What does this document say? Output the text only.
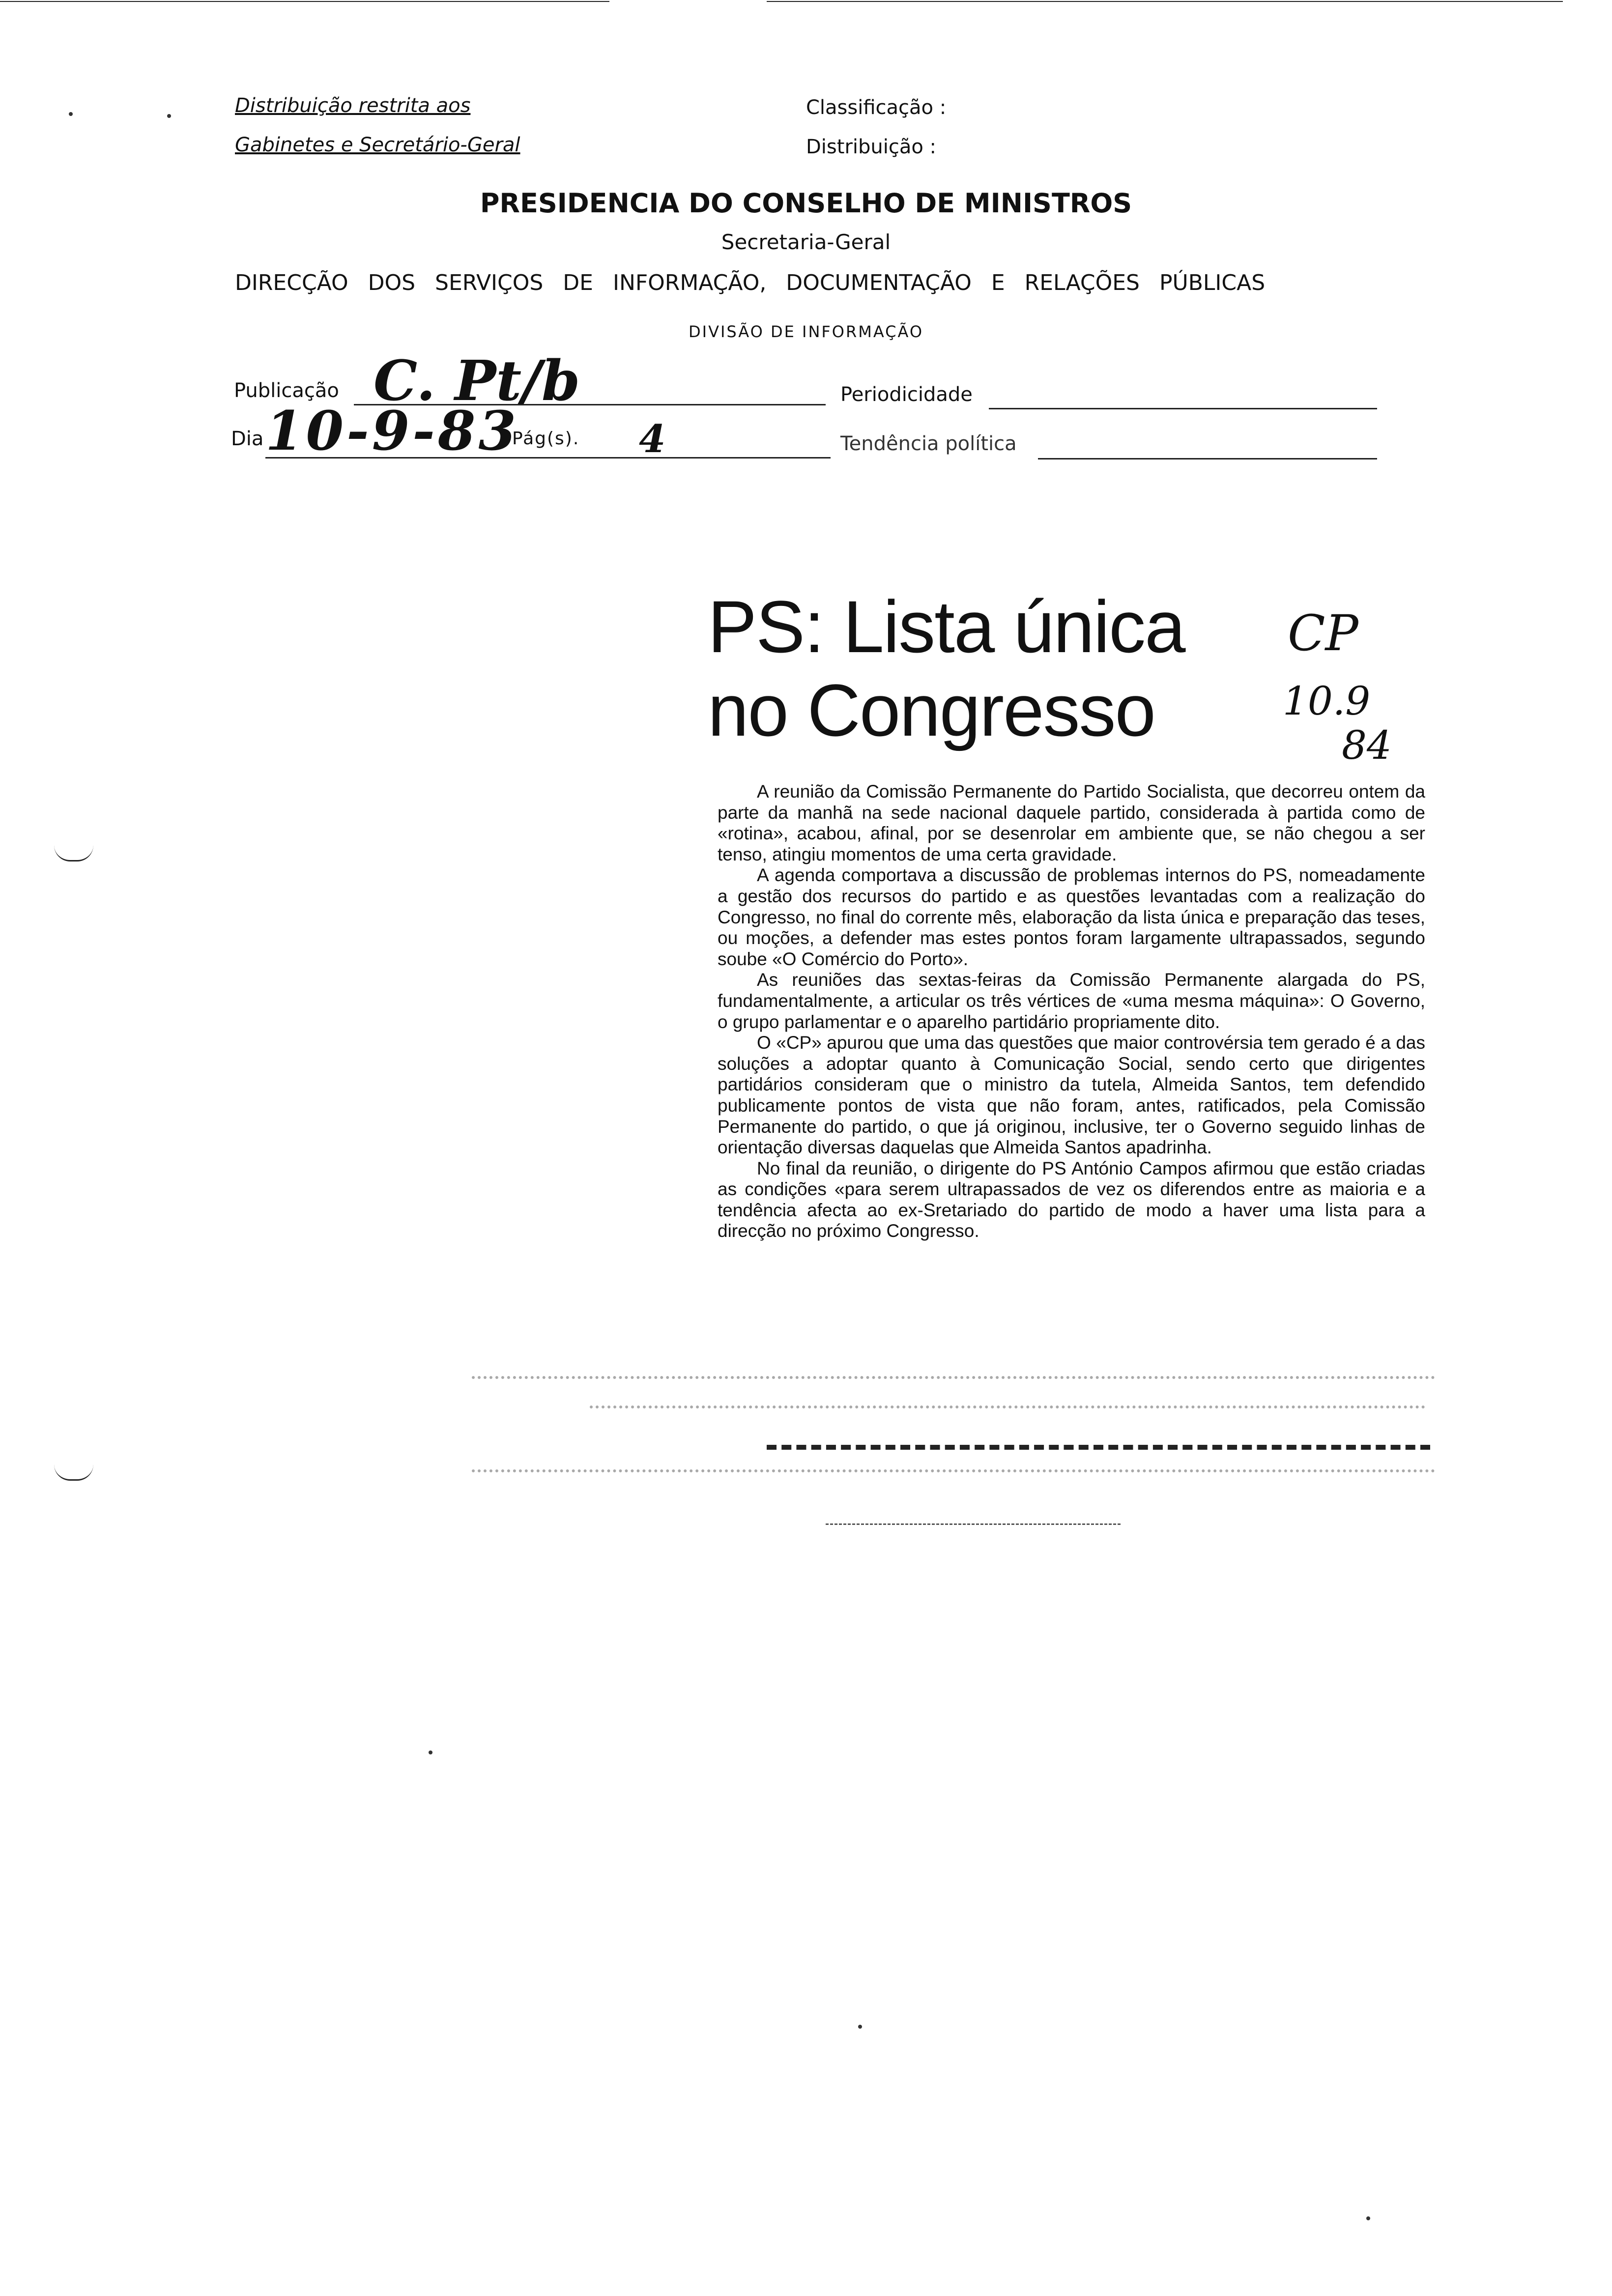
Distribuição restrita aos
Gabinetes e Secretário-Geral
Classificação :
Distribuição :
PRESIDENCIA DO CONSELHO DE MINISTROS
Secretaria-Geral
DIRECÇÃO DOS SERVIÇOS DE INFORMAÇÃO, DOCUMENTAÇÃO E RELAÇÕES PÚBLICAS
DIVISÃO DE INFORMAÇÃO
Publicação C. Pt/b	Periodicidade
Dia 10-9-83
Pág(s). 4	Tendência política
PS: Lista única
no Congresso
CP
10.9
84

A reunião da Comissão Permanente do Partido Socialista, que decorreu ontem da parte da manhã na sede nacional daquele partido, considerada à partida como de «rotina», acabou, afinal, por se desenrolar em ambiente que, se não chegou a ser tenso, atingiu momentos de uma certa gravidade.

A agenda comportava a discussão de problemas internos do PS, nomeadamente a gestão dos recursos do partido e as questões levantadas com a realização do Congresso, no final do corrente mês, elaboração da lista única e preparação das teses, ou moções, a defender mas estes pontos foram largamente ultrapassados, segundo soube «O Comércio do Porto».

As reuniões das sextas-feiras da Comissão Permanente alargada do PS, fundamentalmente, a articular os três vértices de «uma mesma máquina»: O Governo, o grupo parlamentar e o aparelho partidário propriamente dito.

O «CP» apurou que uma das questões que maior controvérsia tem gerado é a das soluções a adoptar quanto à Comunicação Social, sendo certo que dirigentes partidários consideram que o ministro da tutela, Almeida Santos, tem defendido publicamente pontos de vista que não foram, antes, ratificados, pela Comissão Permanente do partido, o que já originou, inclusive, ter o Governo seguido linhas de orientação diversas daquelas que Almeida Santos apadrinha.

No final da reunião, o dirigente do PS António Campos afirmou que estão criadas as condições «para serem ultrapassados de vez os diferendos entre as maioria e a tendência afecta ao ex-Sretariado do partido de modo a haver uma lista para a direcção no próximo Congresso.
